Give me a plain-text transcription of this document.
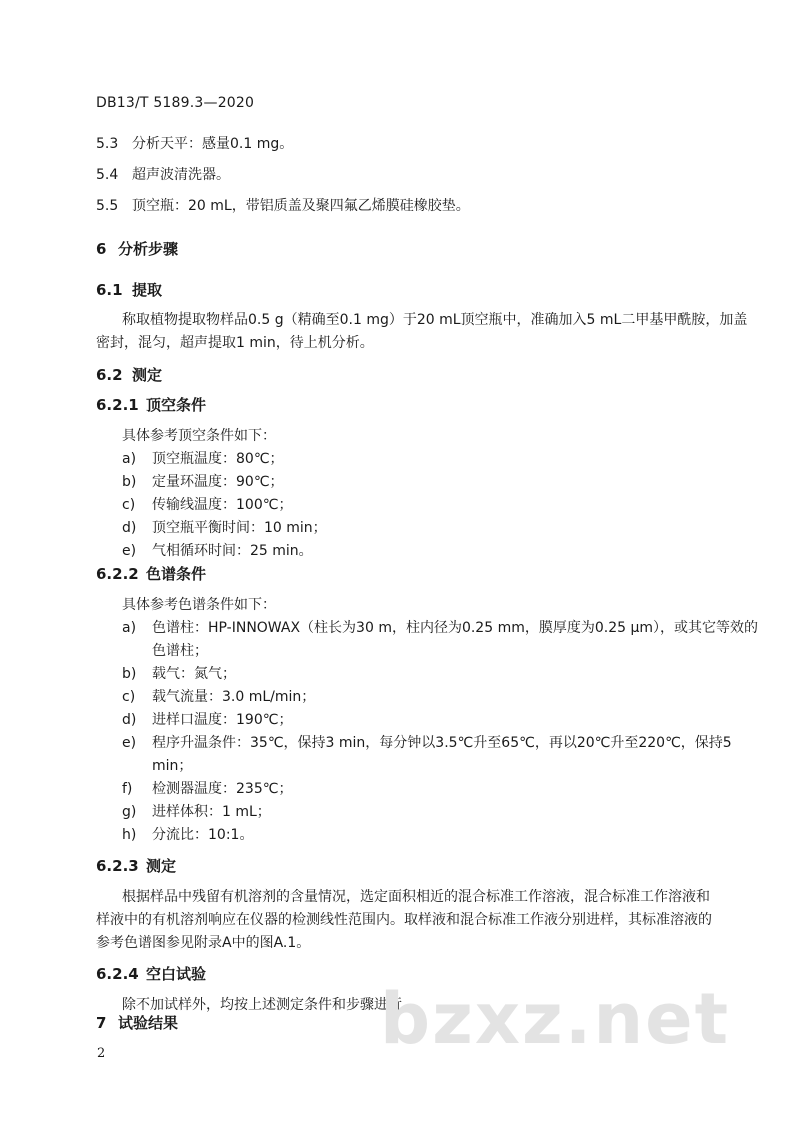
DB13/T 5189.3—2020
5.3 分析天平：感量0.1 mg。
5.4 超声波清洗器。
5.5 顶空瓶：20 mL，带铝质盖及聚四氟乙烯膜硅橡胶垫。
6 分析步骤
6.1 提取
称取植物提取物样品0.5 g（精确至0.1 mg）于20 mL顶空瓶中，准确加入5 mL二甲基甲酰胺，加盖
密封，混匀，超声提取1 min，待上机分析。
6.2 测定
6.2.1 顶空条件
具体参考顶空条件如下：
a) 顶空瓶温度：80℃；
b) 定量环温度：90℃；
c) 传输线温度：100℃；
d) 顶空瓶平衡时间：10 min；
e) 气相循环时间：25 min。
6.2.2 色谱条件
具体参考色谱条件如下：
a) 色谱柱：HP-INNOWAX（柱长为30 m，柱内径为0.25 mm，膜厚度为0.25 μm），或其它等效的
色谱柱；
b) 载气：氮气；
c) 载气流量：3.0 mL/min；
d) 进样口温度：190℃；
e) 程序升温条件：35℃，保持3 min，每分钟以3.5℃升至65℃，再以20℃升至220℃，保持5
min；
f) 检测器温度：235℃；
g) 进样体积：1 mL；
h) 分流比：10:1。
6.2.3 测定
根据样品中残留有机溶剂的含量情况，选定面积相近的混合标准工作溶液，混合标准工作溶液和
样液中的有机溶剂响应在仪器的检测线性范围内。取样液和混合标准工作液分别进样，其标准溶液的
参考色谱图参见附录A中的图A.1。
6.2.4 空白试验
除不加试样外，均按上述测定条件和步骤进行。
bzxz.net
7 试验结果
2
